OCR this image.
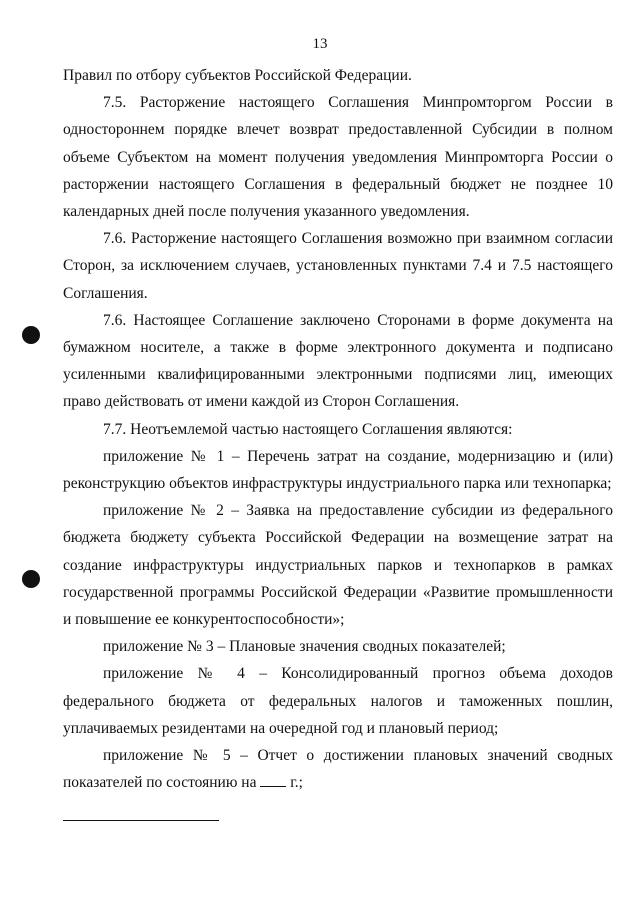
13

Правил по отбору субъектов Российской Федерации.

7.5. Расторжение настоящего Соглашения Минпромторгом России в одностороннем порядке влечет возврат предоставленной Субсидии в полном объеме Субъектом на момент получения уведомления Минпромторга России о расторжении настоящего Соглашения в федеральный бюджет не позднее 10 календарных дней после получения указанного уведомления.

7.6. Расторжение настоящего Соглашения возможно при взаимном согласии Сторон, за исключением случаев, установленных пунктами 7.4 и 7.5 настоящего Соглашения.

7.6. Настоящее Соглашение заключено Сторонами в форме документа на бумажном носителе, а также в форме электронного документа и подписано усиленными квалифицированными электронными подписями лиц, имеющих право действовать от имени каждой из Сторон Соглашения.

7.7. Неотъемлемой частью настоящего Соглашения являются:

приложение № 1 – Перечень затрат на создание, модернизацию и (или) реконструкцию объектов инфраструктуры индустриального парка или технопарка;

приложение № 2 – Заявка на предоставление субсидии из федерального бюджета бюджету субъекта Российской Федерации на возмещение затрат на создание инфраструктуры индустриальных парков и технопарков в рамках государственной программы Российской Федерации «Развитие промышленности и повышение ее конкурентоспособности»;

приложение № 3 – Плановые значения сводных показателей;

приложение № 4 – Консолидированный прогноз объема доходов федерального бюджета от федеральных налогов и таможенных пошлин, уплачиваемых резидентами на очередной год и плановый период;

приложение № 5 – Отчет о достижении плановых значений сводных показателей по состоянию на  г.;
